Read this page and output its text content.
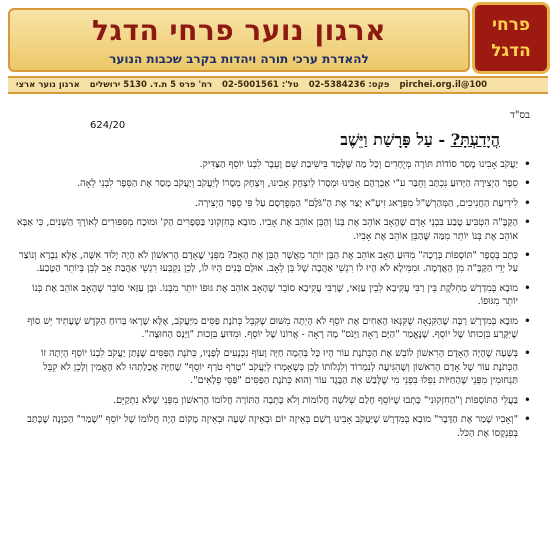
ארגון נוער פרחי הדגל
להאדרת ערכי תורה ויהדות בקרב שכבות הנוער
פרחי
הדגל
ארגון נוער ארצי רח' פרס 5 ת.ד. 5130 ירושלים טל': 02-5001561 פקס: 02-5384236 100@pirchei.org.il
בס"ד
624/20
הֲיָדַעְתָּ? - עַל פָּרָשַׁת וַיֵּשֶׁב
• יַעֲקֹב אָבִינוּ מָסַר סוֹדוֹת תּוֹרָה מְיֻחָדִים וְכָל מַה שֶּׁלָּמַד בִּישִׁיבַת שֵׁם וָעֵבֶר לִבְנוֹ יוֹסֵף הַצַּדִּיק.
• סֵפֶר הַיְצִירָה הַיָּדוּעַ נִכְתַּב וְחֻבַּר ע"י אַבְרָהָם אָבִינוּ וּמְסָרוֹ לְיִצְחָק אָבִינוּ, וְיִצְחָק מְסָרוֹ לְיַעֲקֹב וְיַעֲקֹב מָסַר אֶת הַסֵּפֶר לִבְנֵי לֵאָה.
• לִידִיעַת הַחֲנִיכִים, הַמְּהַרְשָׁ"ל מִפְּרָאג זִיעָ"א יָצַר אֶת הַ"גֹּלֶם" הַמְּפֻרְסָם עַל פִּי סֵפֶר הַיְצִירָה.
• הַקָּבָּ"ה הִטְבִּיעַ טֶבַע בִּבְנֵי אָדָם שֶׁהָאָב אוֹהֵב אֶת בְּנוֹ וְהַבֵּן אוֹהֵב אֶת אָבִיו. מוּבָא בְּחִזְקוּנִי בַּסְּפָרִים הַק' וּמוּכָח מִסִּפּוּרִים לְאוֹרֶךְ הַשָּׁנִים, כִּי אַבָּא אוֹהֵב אֶת בְּנוֹ יוֹתֵר מִמַּה שֶּׁהַבֵּן אוֹהֵב אֶת אָבִיו.
• כָּתַב בְּסֵפֶר "תּוֹסָפוֹת בְּרָכָה" מִדּוּעַ הָאָב אוֹהֵב אֶת הַבֵּן יוֹתֵר מֵאֲשֶׁר הַבֵּן אֶת הָאָב? מִפְּנֵי שֶׁאָדָם הָרִאשׁוֹן לֹא הָיָה יָלוּד אִשָּׁה, אֶלָּא נִבְרָא וְנוֹצַר עַל יְדֵי הַקָּבָּ"ה מִן הָאֲדָמָה. וּמִמֵּילָא לֹא הָיוּ לוֹ רִגְשֵׁי אַהֲבָה שֶׁל בֵּן לְאָב. אוּלָם בָּנִים הָיוּ לוֹ, לָכֵן נִקְבְּעוּ רִגְשֵׁי אַהֲבַת אָב לְבֵן בְּיוֹתֵר הַטֶּבַע.
• מוּבָא בְּמִדְרָשׁ מַחְלֹקֶת בֵּין רַבִּי עֲקִיבָא לְבֵין עַזַּאי, שֶׁרַבִּי עֲקִיבָא סוֹבֵר שֶׁהָאָב אוֹהֵב אֶת גּוּפוֹ יוֹתֵר מִבְּנוֹ. וּבֶן עַזַּאי סוֹבֵר שֶׁהָאָב אוֹהֵב אֶת בְּנוֹ יוֹתֵר מִגּוּפוֹ.
• מוּבָא בְּמִדְרָשׁ רַבָּה שֶׁהַקִּנְאָה שֶׁקִּנְּאוּ הָאַחִים אֶת יוֹסֵף לֹא הָיְתָה מִשּׁוּם שֶׁקִּבֵּל כְּתֹנֶת פַּסִּים מִיַּעֲקֹב, אֶלָּא שֶׁרָאוּ בְּרוּחַ הַקֹּדֶשׁ שֶׁעָתִיד יֵשׁ סוֹף שֶׁיִּקָּרַע בִּזְכוּתוֹ שֶׁל יוֹסֵף. שֶׁנֶּאֱמַר "הַיָּם רָאָה וַיָּנֹס" מָה רָאָה - אֲרוֹנוֹ שֶׁל יוֹסֵף. וּמִדּוּעַ בִּזְכוּת "וַיָּנָס הַחוּצָה".
• בְּשָׁעָה שֶׁהָיָה הָאָדָם הָרִאשׁוֹן לוֹבֵשׁ אֶת הַכְּתֹנֶת עוֹר הָיוּ כָּל בְּהֵמָה חַיָּה וָעוֹף נִכְנָעִים לְפָנָיו, כְּתֹנֶת הַפַּסִּים שֶׁנָּתַן יַעֲקֹב לִבְנוֹ יוֹסֵף הָיְתָה זוֹ הַכְּתֹנֶת עוֹר שֶׁל אָדָם הָרִאשׁוֹן וְשֶׁהִגִּיעָה לְנִמְרוֹד וְלִגְלֹוֹתוֹ לָכֵן כְּשֶׁאָמְרוּ לְיַעֲקֹב "טָרֹף טֹרַף יוֹסֵף" שֶׁחַיָּה אֲכָלַתְהוּ לֹא הֶאֱמִין וְלָכֵן לֹא קִבֵּל תַּנְחוּמִין מִפְּנֵי שֶׁהַחַיּוֹת נִפְלוּ בִּפְנֵי מִי שֶׁלָּבַשׁ אֶת הַבֶּגֶד עוֹר וְהוּא כְּתֹנֶת הַפַּסִּים "פַּסֵּי פְלָאִים".
• בַּעֲלֵי הַתּוֹסָפוֹת וְ"הַחִזְקוּנִי" כָּתְבוּ שֶׁיּוֹסֵף חָלַם שְׁלֹשָׁה חֲלוֹמוֹת וְלֹא כָּתְבָה הַתּוֹרָה חֲלוֹמוֹ הָרִאשׁוֹן מִפְּנֵי שֶׁלֹּא נִתְקַיֵּם.
• "וְאָבִיו שָׁמַר אֶת הַדָּבָר" מוּבָא בְּמִדְרָשׁ שֶׁיַּעֲקֹב אָבִינוּ רָשַׁם בְּאֵיזֶה יוֹם וּבְאֵיזֶה שָׁעָה וּבְאֵיזֶה מָקוֹם הָיָה חֲלוֹמוֹ שֶׁל יוֹסֵף "שָׁמַר" הַכַּוָּנָה שֶׁכָּתַב בְּפִנְקָסוֹ אֶת הַכֹּל.
